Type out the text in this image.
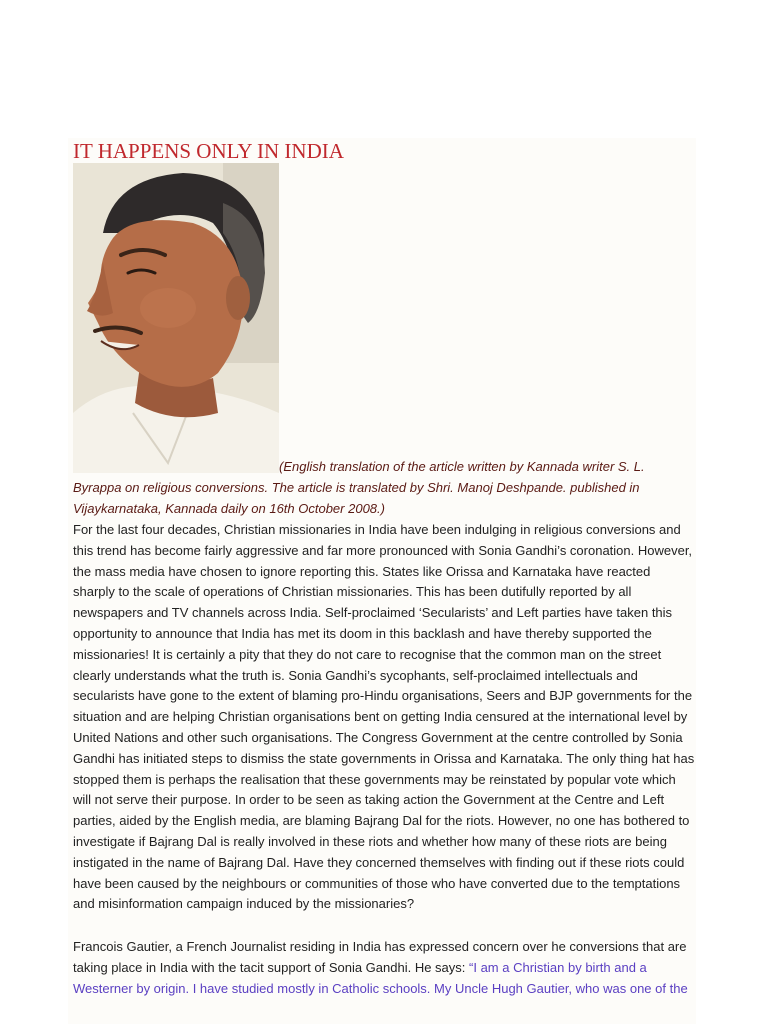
IT HAPPENS ONLY IN INDIA

(English translation of the article written by Kannada writer S. L. Byrappa on religious conversions. The article is translated by Shri. Manoj Deshpande. published in Vijaykarnataka, Kannada daily on 16th October 2008.)

For the last four decades, Christian missionaries in India have been indulging in religious conversions and this trend has become fairly aggressive and far more pronounced with Sonia Gandhi’s coronation. However, the mass media have chosen to ignore reporting this. States like Orissa and Karnataka have reacted sharply to the scale of operations of Christian missionaries. This has been dutifully reported by all newspapers and TV channels across India. Self-proclaimed ‘Secularists’ and Left parties have taken this opportunity to announce that India has met its doom in this backlash and have thereby supported the missionaries! It is certainly a pity that they do not care to recognise that the common man on the street clearly understands what the truth is. Sonia Gandhi’s sycophants, self-proclaimed intellectuals and secularists have gone to the extent of blaming pro-Hindu organisations, Seers and BJP governments for the situation and are helping Christian organisations bent on getting India censured at the international level by United Nations and other such organisations. The Congress Government at the centre controlled by Sonia Gandhi has initiated steps to dismiss the state governments in Orissa and Karnataka. The only thing hat has stopped them is perhaps the realisation that these governments may be reinstated by popular vote which will not serve their purpose. In order to be seen as taking action the Government at the Centre and Left parties, aided by the English media, are blaming Bajrang Dal for the riots. However, no one has bothered to investigate if Bajrang Dal is really involved in these riots and whether how many of these riots are being instigated in the name of Bajrang Dal. Have they concerned themselves with finding out if these riots could have been caused by the neighbours or communities of those who have converted due to the temptations and misinformation campaign induced by the missionaries?

Francois Gautier, a French Journalist residing in India has expressed concern over he conversions that are taking place in India with the tacit support of Sonia Gandhi. He says: “I am a Christian by birth and a Westerner by origin. I have studied mostly in Catholic schools. My Uncle Hugh Gautier, who was one of the
